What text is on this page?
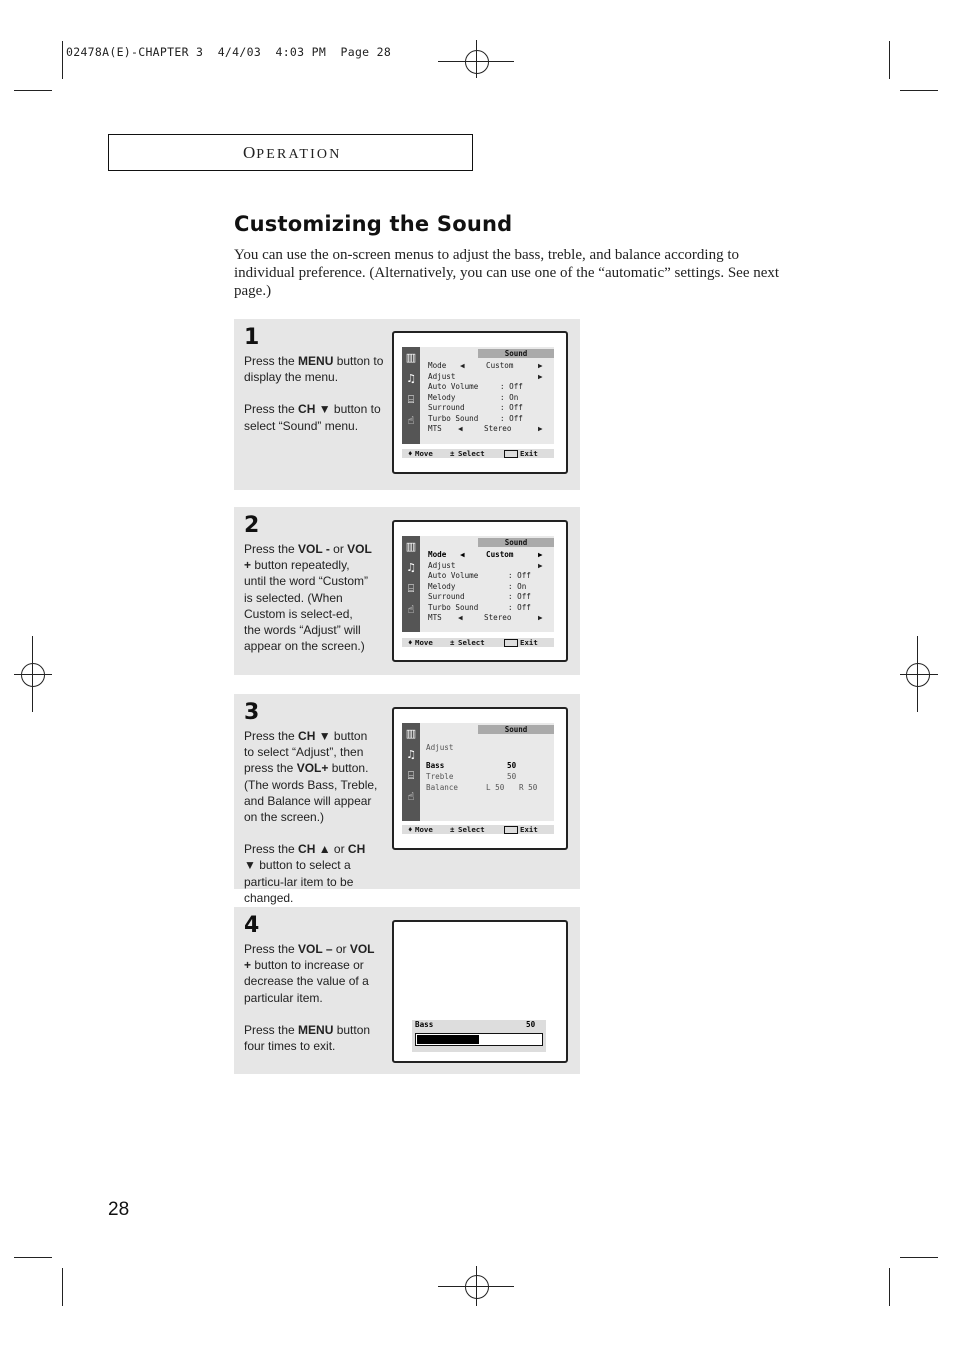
02478A(E)-CHAPTER 3  4/4/03  4:03 PM  Page 28
OPERATION
Customizing the Sound
You can use the on-screen menus to adjust the bass, treble, and balance according to individual preference. (Alternatively, you can use one of the “automatic” settings. See next page.)
1

Press the MENU button to display the menu.

Press the CH ▼ button to select “Sound” menu.

▥
♫
⌸
☝
Sound
Mode ◀	Custom	▶
Adjust	▶
Auto Volume	: Off
Melody	: On
Surround	: Off
Turbo Sound	: Off
MTS ◀	Stereo	▶
♦ Move ± Select	Exit
2

Press the VOL - or VOL + button repeatedly, until the word “Custom” is selected. (When Custom is select-ed, the words “Adjust” will appear on the screen.)

▥
♫
⌸
☝
Sound
Mode ◀	Custom	▶
Adjust	▶
Auto Volume	: Off
Melody	: On
Surround	: Off
Turbo Sound	: Off
MTS ◀	Stereo	▶
♦ Move ± Select	Exit
3

Press the CH ▼ button to select “Adjust”, then press the VOL+ button. (The words Bass, Treble, and Balance will appear on the screen.)

Press the CH ▲ or CH ▼ button to select a particu-lar item to be changed.

▥
♫
⌸
☝
Sound
Adjust
Bass	50
Treble	50
Balance	L 50 R 50
♦ Move ± Select	Exit
4

Press the VOL – or VOL + button to increase or decrease the value of a particular item.

Press the MENU button four times to exit.

Bass	50
28
